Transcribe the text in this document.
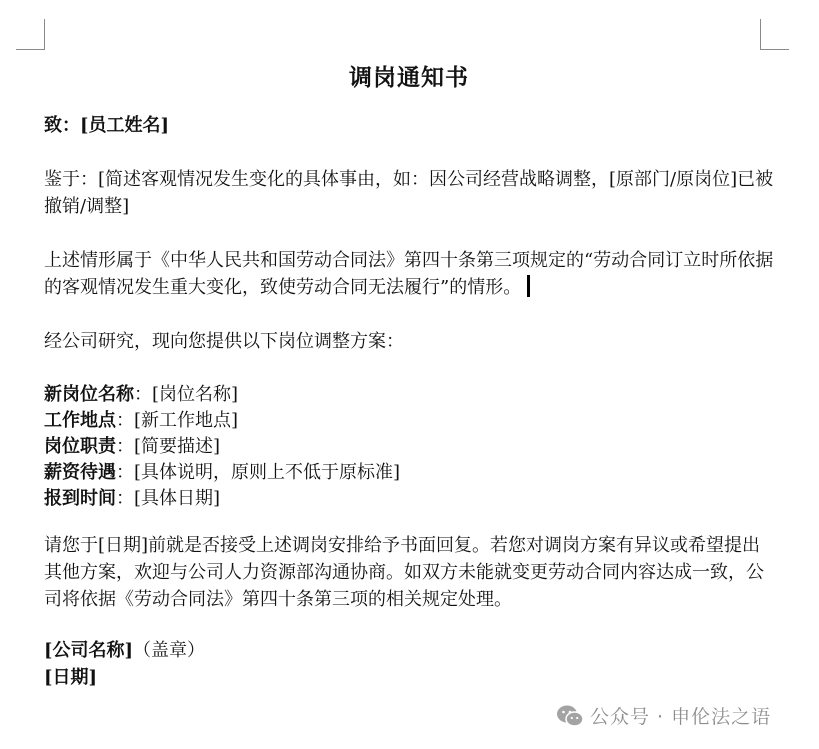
调岗通知书

致：[员工姓名]

鉴于：[简述客观情况发生变化的具体事由，如：因公司经营战略调整，[原部门/原岗位]已被撤销/调整]

上述情形属于《中华人民共和国劳动合同法》第四十条第三项规定的“劳动合同订立时所依据的客观情况发生重大变化，致使劳动合同无法履行”的情形。

经公司研究，现向您提供以下岗位调整方案：

新岗位名称：[岗位名称]

工作地点：[新工作地点]

岗位职责：[简要描述]

薪资待遇：[具体说明，原则上不低于原标准]

报到时间：[具体日期]

请您于[日期]前就是否接受上述调岗安排给予书面回复。若您对调岗方案有异议或希望提出其他方案，欢迎与公司人力资源部沟通协商。如双方未能就变更劳动合同内容达成一致，公司将依据《劳动合同法》第四十条第三项的相关规定处理。

[公司名称]（盖章）

[日期]

公众号 · 申伦法之语
